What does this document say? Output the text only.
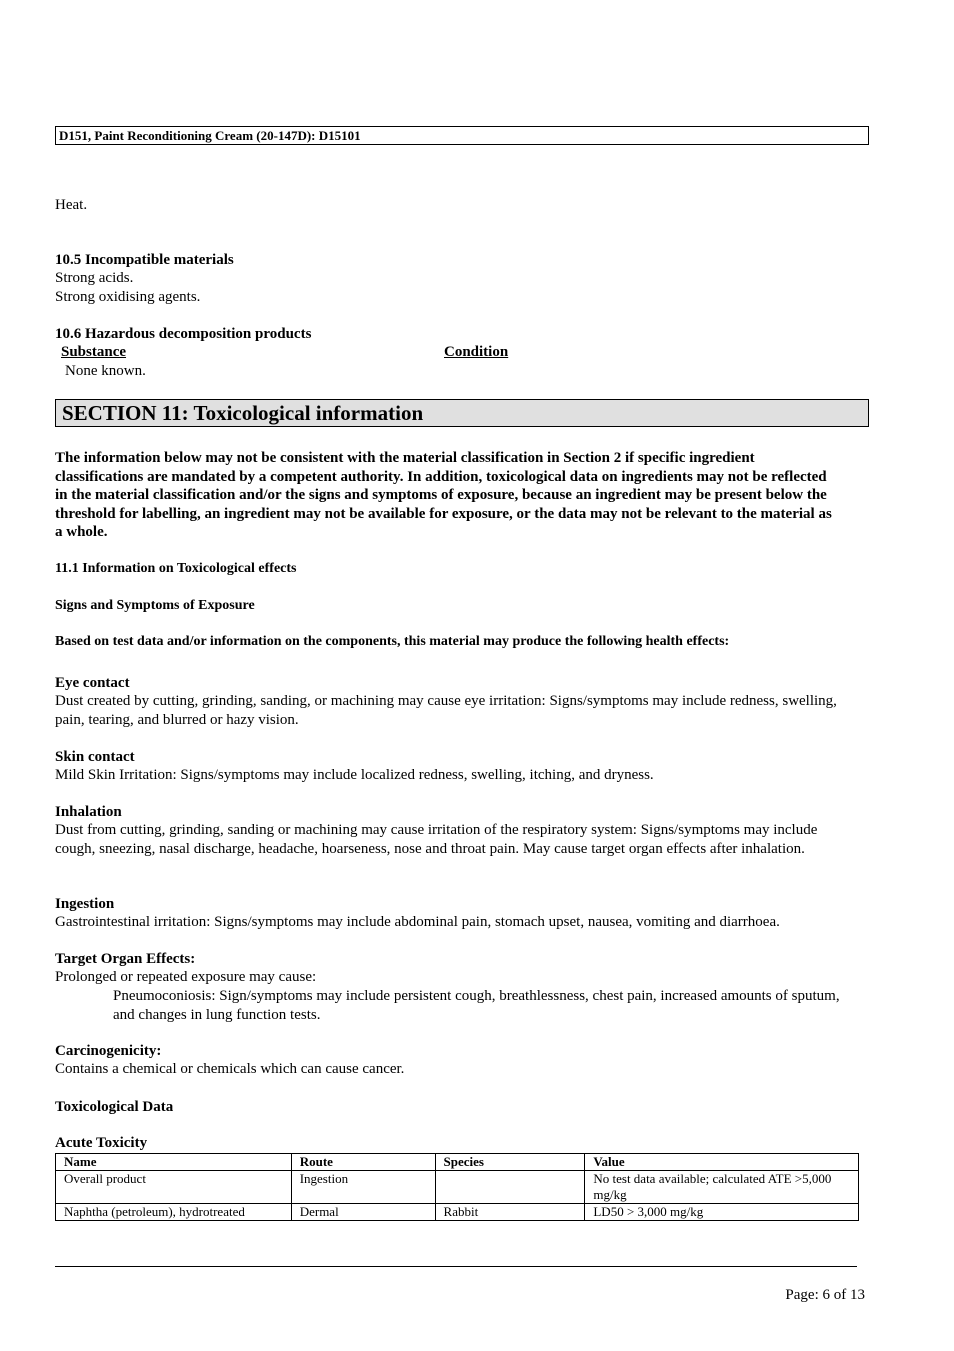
D151, Paint Reconditioning Cream (20-147D): D15101
Heat.
10.5 Incompatible materials
Strong acids.
Strong oxidising agents.
10.6 Hazardous decomposition products
Substance	Condition
None known.
SECTION 11: Toxicological information
The information below may not be consistent with the material classification in Section 2 if specific ingredient classifications are mandated by a competent authority. In addition, toxicological data on ingredients may not be reflected in the material classification and/or the signs and symptoms of exposure, because an ingredient may be present below the threshold for labelling, an ingredient may not be available for exposure, or the data may not be relevant to the material as a whole.
11.1 Information on Toxicological effects
Signs and Symptoms of Exposure
Based on test data and/or information on the components, this material may produce the following health effects:
Eye contact
Dust created by cutting, grinding, sanding, or machining may cause eye irritation: Signs/symptoms may include redness, swelling, pain, tearing, and blurred or hazy vision.
Skin contact
Mild Skin Irritation: Signs/symptoms may include localized redness, swelling, itching, and dryness.
Inhalation
Dust from cutting, grinding, sanding or machining may cause irritation of the respiratory system: Signs/symptoms may include cough, sneezing, nasal discharge, headache, hoarseness, nose and throat pain. May cause target organ effects after inhalation.
Ingestion
Gastrointestinal irritation: Signs/symptoms may include abdominal pain, stomach upset, nausea, vomiting and diarrhoea.
Target Organ Effects:
Prolonged or repeated exposure may cause:
Pneumoconiosis: Sign/symptoms may include persistent cough, breathlessness, chest pain, increased amounts of sputum, and changes in lung function tests.
Carcinogenicity:
Contains a chemical or chemicals which can cause cancer.
Toxicological Data
Acute Toxicity
Name	Route	Species	Value
Overall product	Ingestion		No test data available; calculated ATE >5,000 mg/kg
Naphtha (petroleum), hydrotreated	Dermal	Rabbit	LD50 > 3,000 mg/kg
Page: 6 of 13
